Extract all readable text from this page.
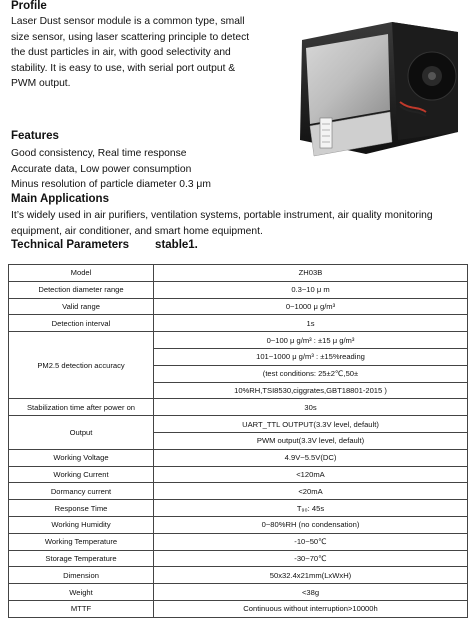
Profile

Laser Dust sensor module is a common type, small size sensor, using laser scattering principle to detect the dust particles in air, with good selectivity and stability. It is easy to use, with serial port output & PWM output.

Features
Good consistency, Real time response
Accurate data, Low power consumption
Minus resolution of particle diameter 0.3 μm
Main Applications

It’s widely used in air purifiers, ventilation systems, portable instrument, air quality monitoring equipment, air conditioner, and smart home equipment.

Technical Parameters stable1.
Model	ZH03B
Detection diameter range	0.3~10 μ m
Valid range	0~1000 μ g/m³
Detection interval	1s
PM2.5 detection accuracy	0~100 μ g/m³ : ±15 μ g/m³
	101~1000 μ g/m³ : ±15%reading
	(test conditions: 25±2℃,50±
	10%RH,TSI8530,ciggrates,GBT18801-2015 )
Stabilization time after power on	30s
Output	UART_TTL OUTPUT(3.3V level, default)
	PWM output(3.3V level, default)
Working Voltage	4.9V~5.5V(DC)
Working Current	<120mA
Dormancy current	<20mA
Response Time	T₉₀: 45s
Working Humidity	0~80%RH (no condensation)
Working Temperature	-10~50℃
Storage Temperature	-30~70℃
Dimension	50x32.4x21mm(LxWxH)
Weight	<38g
MTTF	Continuous without interruption>10000h
